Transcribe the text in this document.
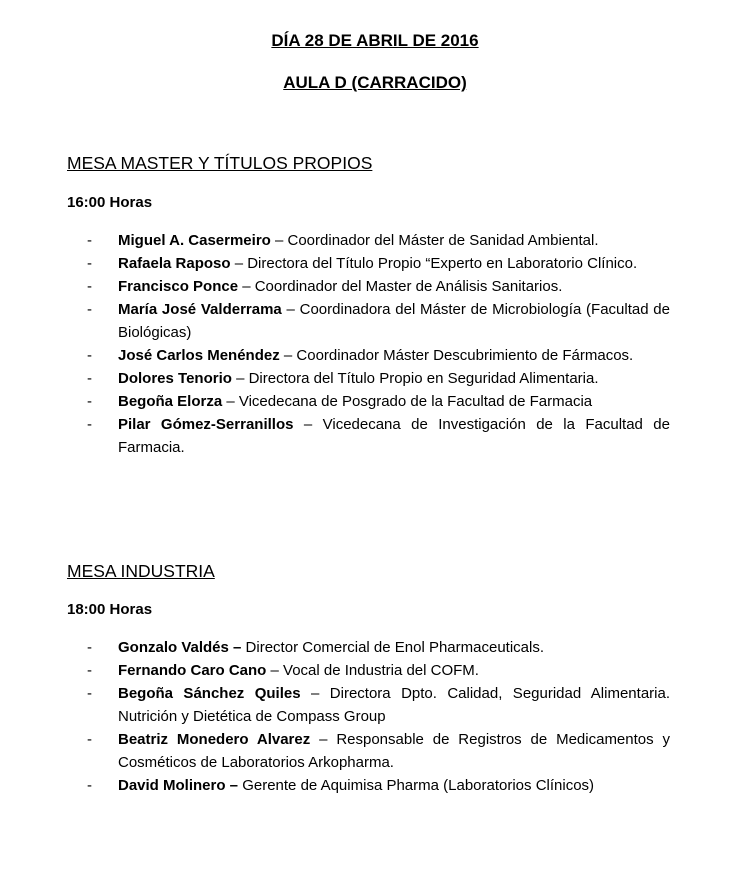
DÍA 28 DE ABRIL DE 2016
AULA D (CARRACIDO)
MESA MASTER Y TÍTULOS PROPIOS
16:00 Horas
- Miguel A. Casermeiro – Coordinador del Máster de Sanidad Ambiental.
- Rafaela Raposo – Directora del Título Propio “Experto en Laboratorio Clínico.
- Francisco Ponce – Coordinador del Master de Análisis Sanitarios.
- María José Valderrama – Coordinadora del Máster de Microbiología (Facultad de Biológicas)
- José Carlos Menéndez – Coordinador Máster Descubrimiento de Fármacos.
- Dolores Tenorio – Directora del Título Propio en Seguridad Alimentaria.
- Begoña Elorza – Vicedecana de Posgrado de la Facultad de Farmacia
- Pilar Gómez-Serranillos – Vicedecana de Investigación de la Facultad de Farmacia.
MESA INDUSTRIA
18:00 Horas
- Gonzalo Valdés – Director Comercial de Enol Pharmaceuticals.
- Fernando Caro Cano – Vocal de Industria del COFM.
- Begoña Sánchez Quiles – Directora Dpto. Calidad, Seguridad Alimentaria. Nutrición y Dietética de Compass Group
- Beatriz Monedero Alvarez – Responsable de Registros de Medicamentos y Cosméticos de Laboratorios Arkopharma.
- David Molinero – Gerente de Aquimisa Pharma (Laboratorios Clínicos)
